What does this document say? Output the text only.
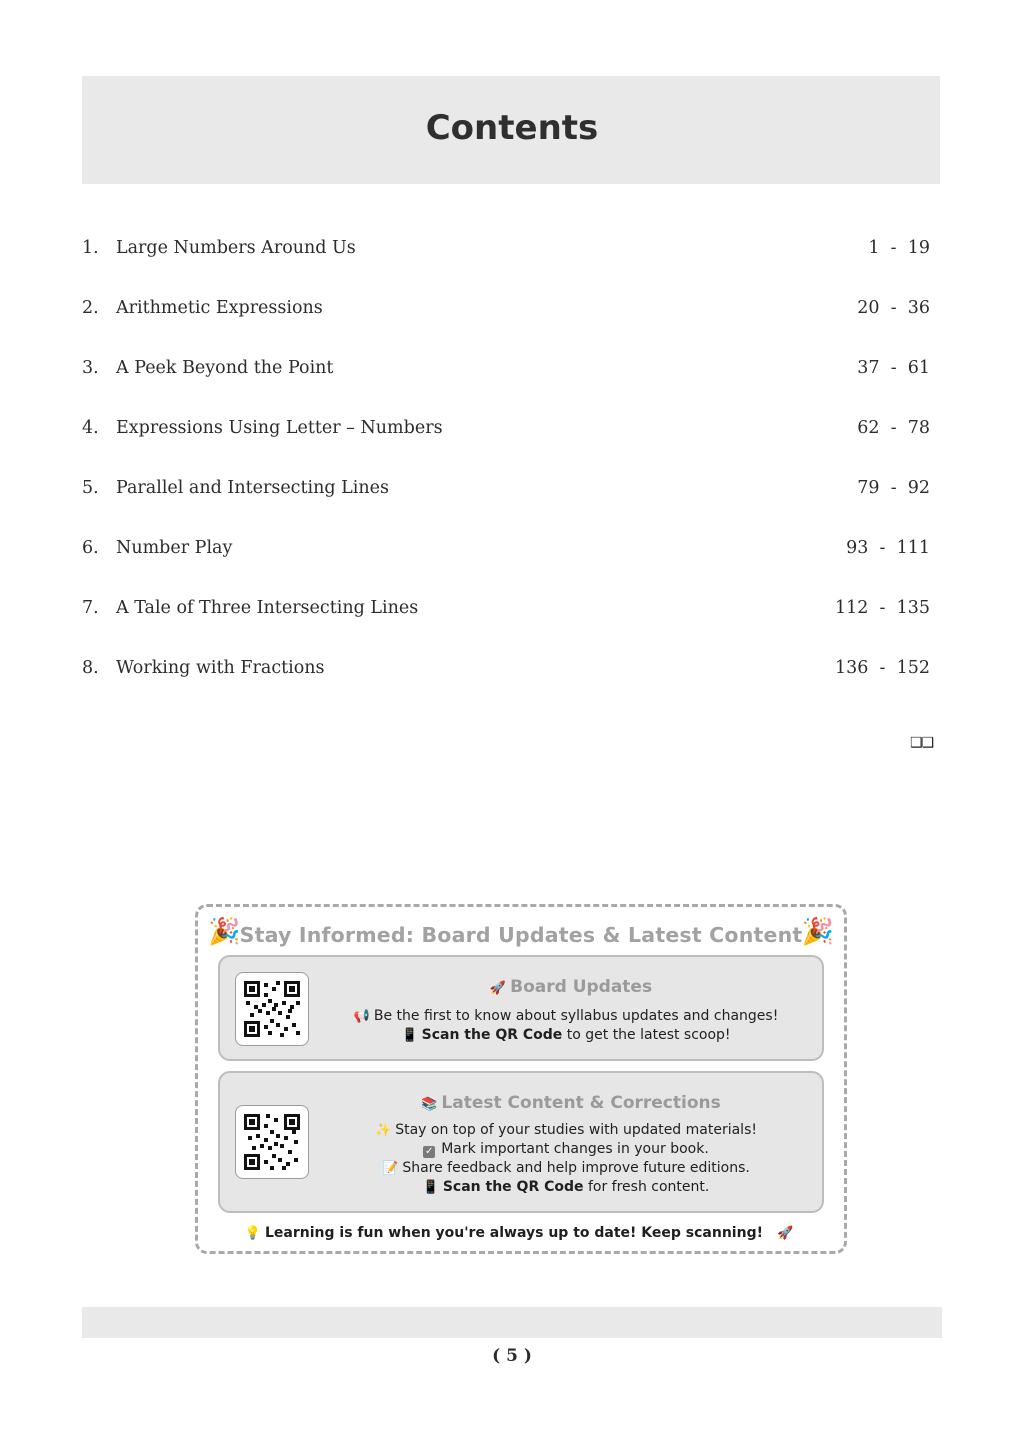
Contents
1. Large Numbers Around Us	1  -  19
2. Arithmetic Expressions	20  -  36
3. A Peek Beyond the Point	37  -  61
4. Expressions Using Letter – Numbers	62  -  78
5. Parallel and Intersecting Lines	79  -  92
6. Number Play	93  -  111
7. A Tale of Three Intersecting Lines	112  -  135
8. Working with Fractions	136  -  152
❑❑
🎉 Stay Informed: Board Updates & Latest Content 🎉
🚀 Board Updates
📢 Be the first to know about syllabus updates and changes!
📱 Scan the QR Code to get the latest scoop!
📚 Latest Content & Corrections
✨ Stay on top of your studies with updated materials!
✓ Mark important changes in your book.
📝 Share feedback and help improve future editions.
📱 Scan the QR Code for fresh content.
💡 Learning is fun when you're always up to date! Keep scanning! 🚀
( 5 )
